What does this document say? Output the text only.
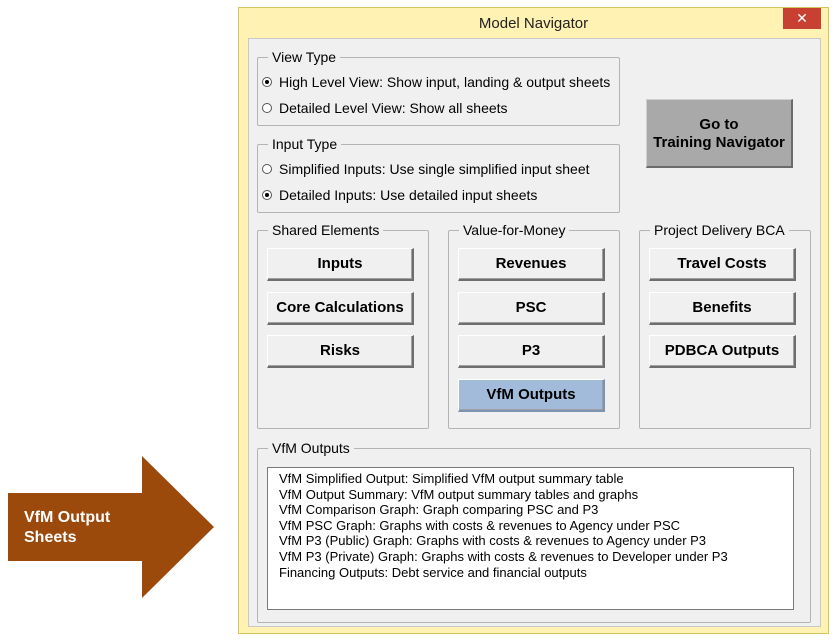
VfM Output
Sheets
Model Navigator	✕
View Type
High Level View: Show input, landing & output sheets
Detailed Level View: Show all sheets
Go to
Training Navigator
Input Type
Simplified Inputs: Use single simplified input sheet
Detailed Inputs: Use detailed input sheets
Shared Elements
Inputs
Core Calculations
Risks
Value-for-Money
Revenues
PSC
P3
VfM Outputs
Project Delivery BCA
Travel Costs
Benefits
PDBCA Outputs
VfM Outputs
VfM Simplified Output: Simplified VfM output summary table
VfM Output Summary: VfM output summary tables and graphs
VfM Comparison Graph: Graph comparing PSC and P3
VfM PSC Graph: Graphs with costs & revenues to Agency under PSC
VfM P3 (Public) Graph: Graphs with costs & revenues to Agency under P3
VfM P3 (Private) Graph: Graphs with costs & revenues to Developer under P3
Financing Outputs: Debt service and financial outputs
